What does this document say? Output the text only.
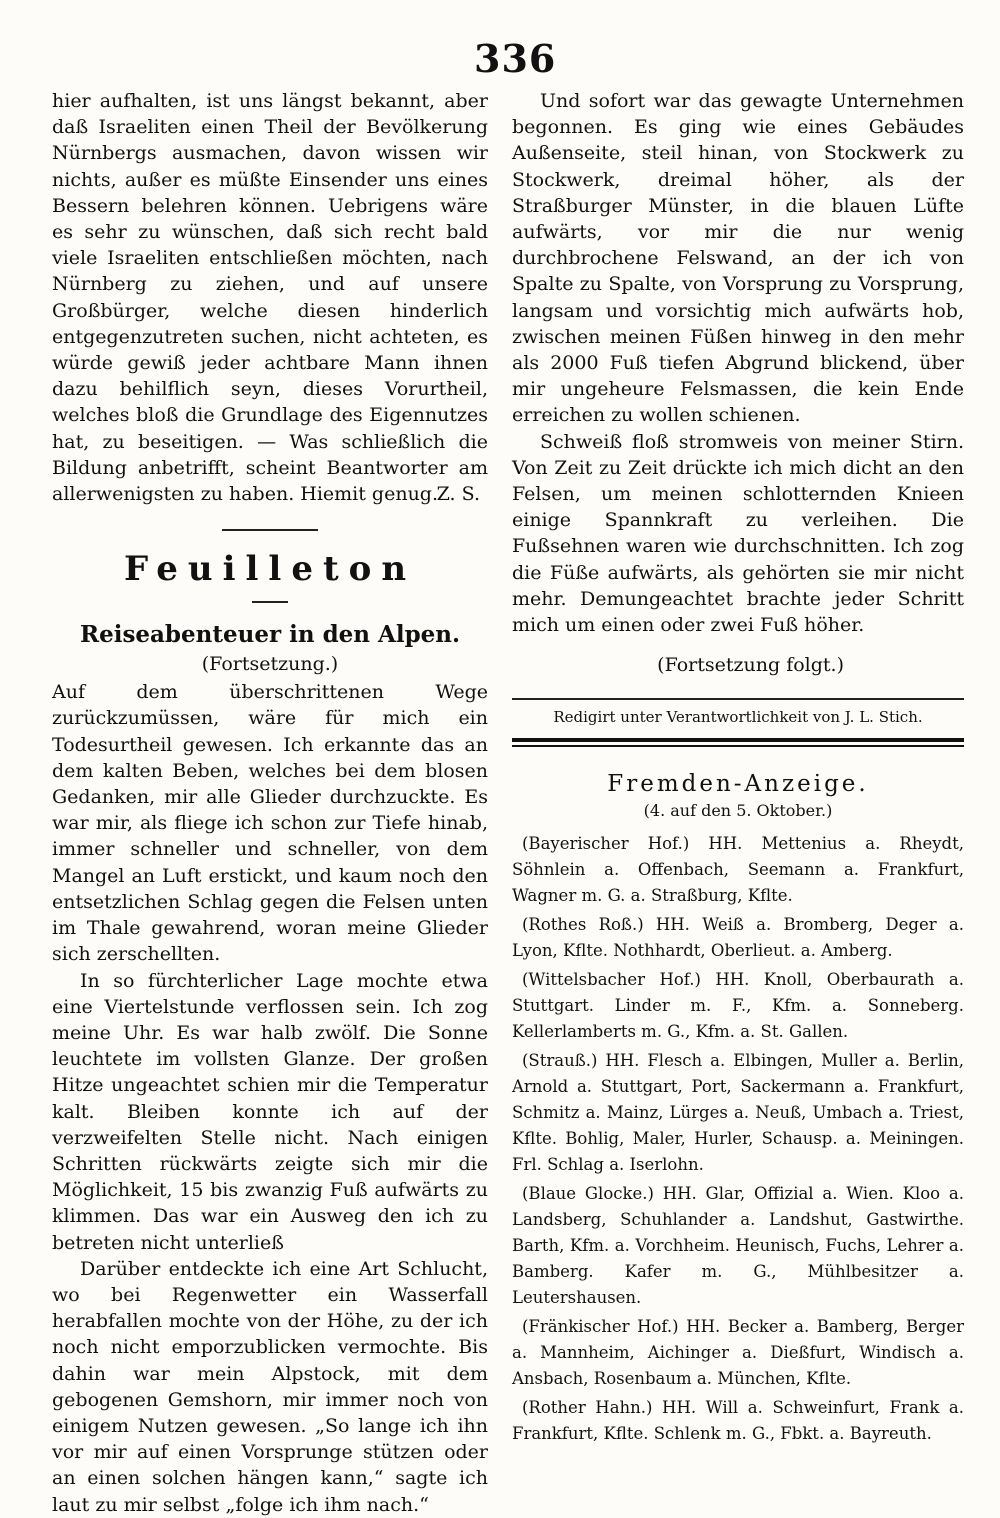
336

hier aufhalten, ist uns längst bekannt, aber daß Israeliten einen Theil der Bevölkerung Nürnbergs ausmachen, davon wissen wir nichts, außer es müßte Einsender uns eines Bessern belehren können. Uebrigens wäre es sehr zu wünschen, daß sich recht bald viele Israeliten entschließen möchten, nach Nürnberg zu ziehen, und auf unsere Großbürger, welche diesen hinderlich entgegenzutreten suchen, nicht achteten, es würde gewiß jeder achtbare Mann ihnen dazu behilflich seyn, dieses Vorurtheil, welches bloß die Grundlage des Eigennutzes hat, zu beseitigen. — Was schließlich die Bildung anbetrifft, scheint Beantworter am allerwenigsten zu haben. Hiemit genug.

Z. S.

Feuilleton

Reiseabenteuer in den Alpen.

(Fortsetzung.)

Auf dem überschrittenen Wege zurückzumüssen, wäre für mich ein Todesurtheil gewesen. Ich erkannte das an dem kalten Beben, welches bei dem blosen Gedanken, mir alle Glieder durchzuckte. Es war mir, als fliege ich schon zur Tiefe hinab, immer schneller und schneller, von dem Mangel an Luft erstickt, und kaum noch den entsetzlichen Schlag gegen die Felsen unten im Thale gewahrend, woran meine Glieder sich zerschellten.

In so fürchterlicher Lage mochte etwa eine Viertelstunde verflossen sein. Ich zog meine Uhr. Es war halb zwölf. Die Sonne leuchtete im vollsten Glanze. Der großen Hitze ungeachtet schien mir die Temperatur kalt. Bleiben konnte ich auf der verzweifelten Stelle nicht. Nach einigen Schritten rückwärts zeigte sich mir die Möglichkeit, 15 bis zwanzig Fuß aufwärts zu klimmen. Das war ein Ausweg den ich zu betreten nicht unterließ

Darüber entdeckte ich eine Art Schlucht, wo bei Regenwetter ein Wasserfall herabfallen mochte von der Höhe, zu der ich noch nicht emporzublicken vermochte. Bis dahin war mein Alpstock, mit dem gebogenen Gemshorn, mir immer noch von einigem Nutzen gewesen. „So lange ich ihn vor mir auf einen Vorsprunge stützen oder an einen solchen hängen kann,“ sagte ich laut zu mir selbst „folge ich ihm nach.“

Und sofort war das gewagte Unternehmen begonnen. Es ging wie eines Gebäudes Außenseite, steil hinan, von Stockwerk zu Stockwerk, dreimal höher, als der Straßburger Münster, in die blauen Lüfte aufwärts, vor mir die nur wenig durchbrochene Felswand, an der ich von Spalte zu Spalte, von Vorsprung zu Vorsprung, langsam und vorsichtig mich aufwärts hob, zwischen meinen Füßen hinweg in den mehr als 2000 Fuß tiefen Abgrund blickend, über mir ungeheure Felsmassen, die kein Ende erreichen zu wollen schienen.

Schweiß floß stromweis von meiner Stirn. Von Zeit zu Zeit drückte ich mich dicht an den Felsen, um meinen schlotternden Knieen einige Spannkraft zu verleihen. Die Fußsehnen waren wie durchschnitten. Ich zog die Füße aufwärts, als gehörten sie mir nicht mehr. Demungeachtet brachte jeder Schritt mich um einen oder zwei Fuß höher.

(Fortsetzung folgt.)

Redigirt unter Verantwortlichkeit von J. L. Stich.

Fremden-Anzeige.

(4. auf den 5. Oktober.)

(Bayerischer Hof.) HH. Mettenius a. Rheydt, Söhnlein a. Offenbach, Seemann a. Frankfurt, Wagner m. G. a. Straßburg, Kflte.

(Rothes Roß.) HH. Weiß a. Bromberg, Deger a. Lyon, Kflte. Nothhardt, Oberlieut. a. Amberg.

(Wittelsbacher Hof.) HH. Knoll, Oberbaurath a. Stuttgart. Linder m. F., Kfm. a. Sonneberg. Kellerlamberts m. G., Kfm. a. St. Gallen.

(Strauß.) HH. Flesch a. Elbingen, Muller a. Berlin, Arnold a. Stuttgart, Port, Sackermann a. Frankfurt, Schmitz a. Mainz, Lürges a. Neuß, Umbach a. Triest, Kflte. Bohlig, Maler, Hurler, Schausp. a. Meiningen. Frl. Schlag a. Iserlohn.

(Blaue Glocke.) HH. Glar, Offizial a. Wien. Kloo a. Landsberg, Schuhlander a. Landshut, Gastwirthe. Barth, Kfm. a. Vorchheim. Heunisch, Fuchs, Lehrer a. Bamberg. Kafer m. G., Mühlbesitzer a. Leutershausen.

(Fränkischer Hof.) HH. Becker a. Bamberg, Berger a. Mannheim, Aichinger a. Dießfurt, Windisch a. Ansbach, Rosenbaum a. München, Kflte.

(Rother Hahn.) HH. Will a. Schweinfurt, Frank a. Frankfurt, Kflte. Schlenk m. G., Fbkt. a. Bayreuth.
